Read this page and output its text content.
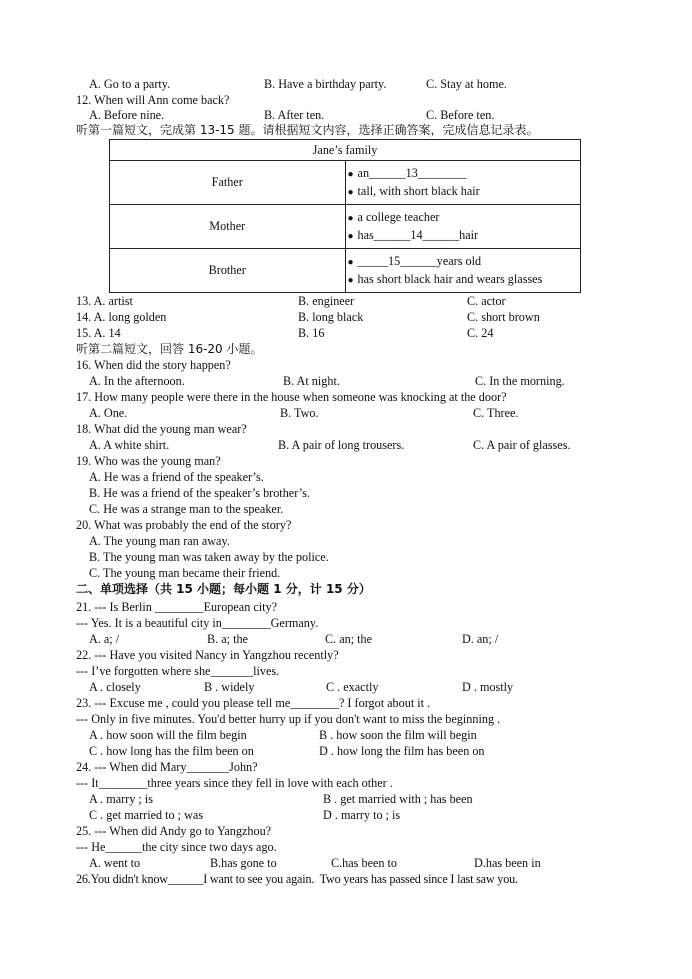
A. Go to a party.	B. Have a birthday party.	C. Stay at home.
12. When will Ann come back?
A. Before nine.	B. After ten.	C. Before ten.
听第一篇短文，完成第 13-15 题。请根据短文内容，选择正确答案，完成信息记录表。
Jane’s family	
Father	● an______13________
● tall, with short black hair

Mother	● a college teacher
● has______14______hair

Brother	● _____15______years old
● has short black hair and wears glasses
13. A. artist	B. engineer	C. actor
14. A. long golden	B. long black	C. short brown
15. A. 14	B. 16	C. 24
听第二篇短文，回答 16-20 小题。
16. When did the story happen?
A. In the afternoon.	B. At night.	C. In the morning.
17. How many people were there in the house when someone was knocking at the door?
A. One.	B. Two.	C. Three.
18. What did the young man wear?
A. A white shirt.	B. A pair of long trousers.	C. A pair of glasses.
19. Who was the young man?
A. He was a friend of the speaker’s.
B. He was a friend of the speaker’s brother’s.
C. He was a strange man to the speaker.
20. What was probably the end of the story?
A. The young man ran away.
B. The young man was taken away by the police.
C. The young man became their friend.
二、单项选择（共 15 小题；每小题 1 分，计 15 分）
21. --- Is Berlin ________European city?
--- Yes. It is a beautiful city in________Germany.
A. a; /	B. a; the	C. an; the	D. an; /
22. --- Have you visited Nancy in Yangzhou recently?
--- I’ve forgotten where she_______lives.
A . closely	B . widely	C . exactly	D . mostly
23. --- Excuse me , could you please tell me________? I forgot about it .
--- Only in five minutes. You'd better hurry up if you don't want to miss the beginning .
A . how soon will the film begin	B . how soon the film will begin
C . how long has the film been on	D . how long the film has been on
24. --- When did Mary_______John?
--- It________three years since they fell in love with each other .
A . marry ; is	B . get married with ; has been
C . get married to ; was	D . marry to ; is
25. --- When did Andy go to Yangzhou?
--- He______the city since two days ago.
A. went to	B.has gone to	C.has been to	D.has been in
26.You didn't know______I want to see you again.  Two years has passed since I last saw you.
